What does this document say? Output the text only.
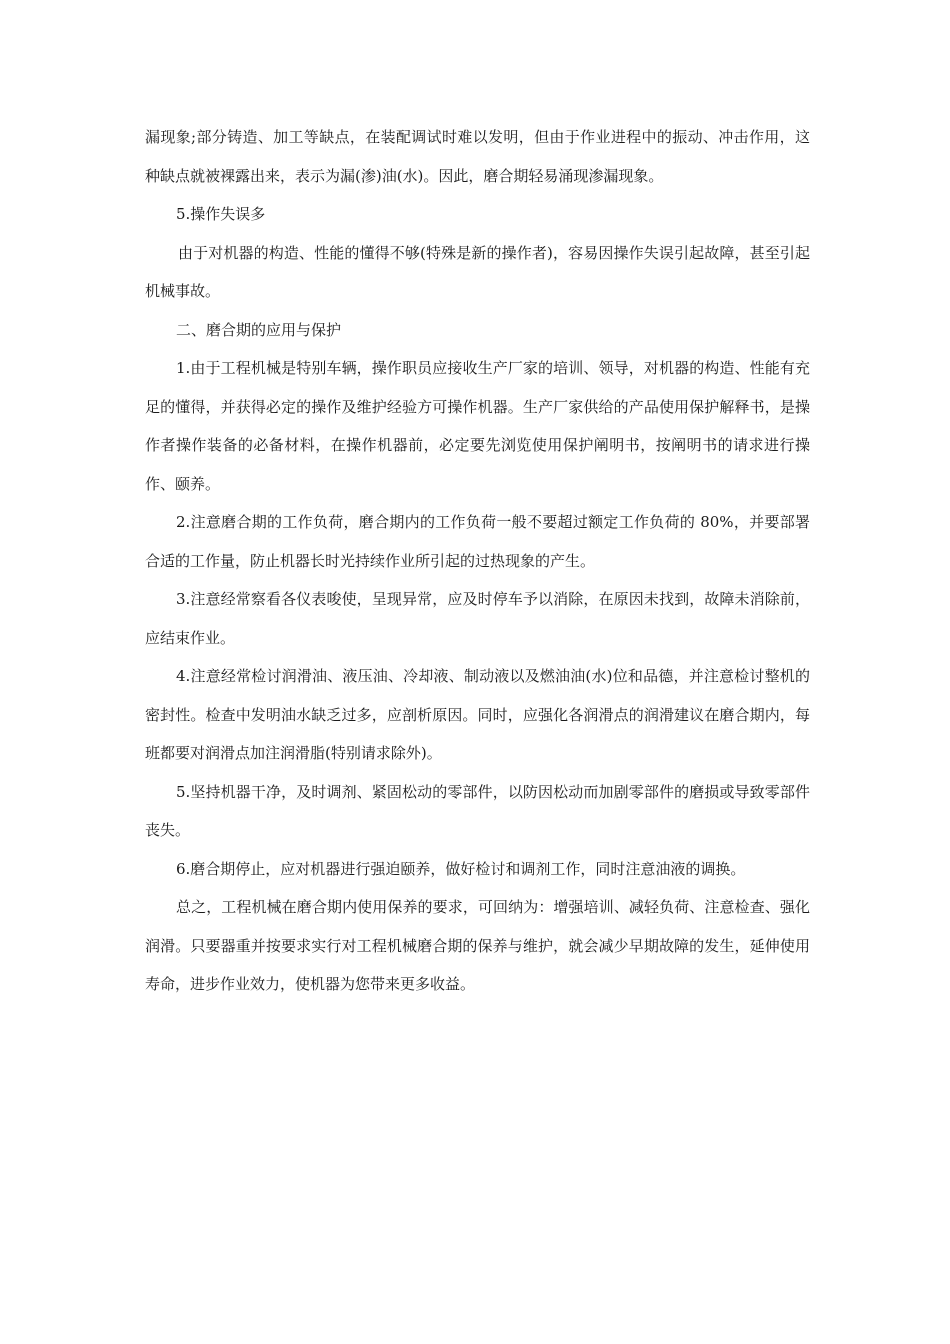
漏现象;部分铸造、加工等缺点，在装配调试时难以发明，但由于作业进程中的振动、冲击作用，这种缺点就被裸露出来，表示为漏(渗)油(水)。因此，磨合期轻易涌现渗漏现象。

5.操作失误多

由于对机器的构造、性能的懂得不够(特殊是新的操作者)，容易因操作失误引起故障，甚至引起机械事故。

二、磨合期的应用与保护

1.由于工程机械是特别车辆，操作职员应接收生产厂家的培训、领导，对机器的构造、性能有充足的懂得，并获得必定的操作及维护经验方可操作机器。生产厂家供给的产品使用保护解释书，是操作者操作装备的必备材料，在操作机器前，必定要先浏览使用保护阐明书，按阐明书的请求进行操作、颐养。

2.注意磨合期的工作负荷，磨合期内的工作负荷一般不要超过额定工作负荷的 80%，并要部署合适的工作量，防止机器长时光持续作业所引起的过热现象的产生。

3.注意经常察看各仪表唆使，呈现异常，应及时停车予以消除，在原因未找到，故障未消除前，应结束作业。

4.注意经常检讨润滑油、液压油、冷却液、制动液以及燃油油(水)位和品德，并注意检讨整机的密封性。检查中发明油水缺乏过多，应剖析原因。同时，应强化各润滑点的润滑建议在磨合期内，每班都要对润滑点加注润滑脂(特别请求除外)。

5.坚持机器干净，及时调剂、紧固松动的零部件，以防因松动而加剧零部件的磨损或导致零部件丧失。

6.磨合期停止，应对机器进行强迫颐养，做好检讨和调剂工作，同时注意油液的调换。

总之，工程机械在磨合期内使用保养的要求，可回纳为：增强培训、减轻负荷、注意检查、强化润滑。只要器重并按要求实行对工程机械磨合期的保养与维护，就会减少早期故障的发生，延伸使用寿命，进步作业效力，使机器为您带来更多收益。
